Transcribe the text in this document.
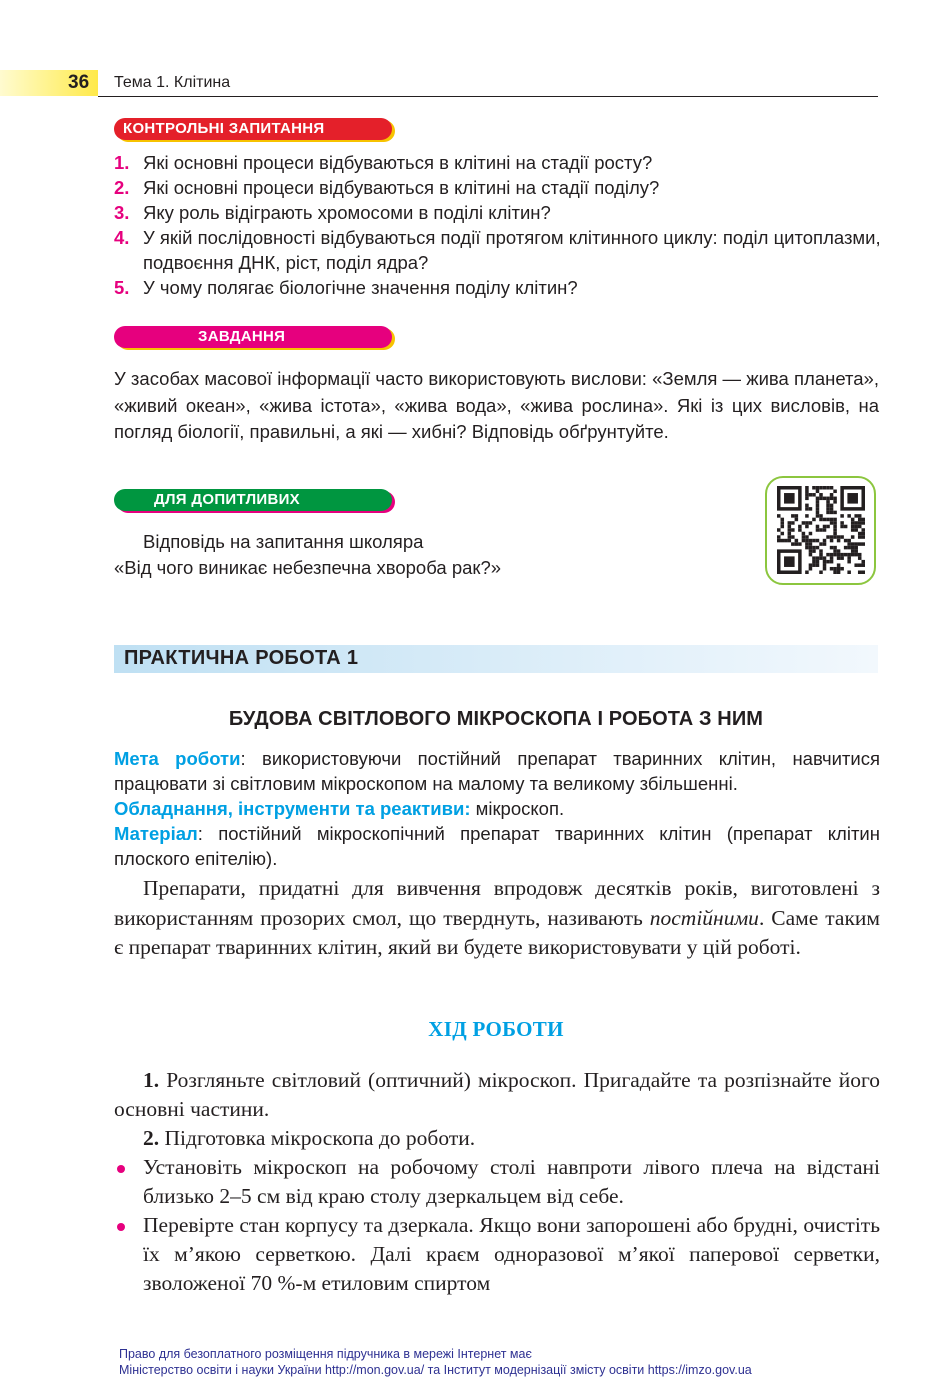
36 Тема 1. Клітина
КОНТРОЛЬНІ ЗАПИТАННЯ
1. Які основні процеси відбуваються в клітині на стадії росту?
2. Які основні процеси відбуваються в клітині на стадії поділу?
3. Яку роль відіграють хромосоми в поділі клітин?
4. У якій послідовності відбуваються події протягом клітинного циклу: поділ цитоплазми, подвоєння ДНК, ріст, поділ ядра?
5. У чому полягає біологічне значення поділу клітин?
ЗАВДАННЯ
У засобах масової інформації часто використовують вислови: «Земля — жива планета», «живий океан», «жива істота», «жива вода», «жива рослина». Які із цих висловів, на погляд біології, правильні, а які — хибні? Відповідь обґрунтуйте.
ДЛЯ ДОПИТЛИВИХ
Відповідь на запитання школяра
«Від чого виникає небезпечна хвороба рак?»
ПРАКТИЧНА РОБОТА 1
БУДОВА СВІТЛОВОГО МІКРОСКОПА І РОБОТА З НИМ
Мета роботи: використовуючи постійний препарат тваринних клітин, навчитися працювати зі світловим мікроскопом на малому та великому збільшенні.
Обладнання, інструменти та реактиви: мікроскоп.
Матеріал: постійний мікроскопічний препарат тваринних клітин (препарат клітин плоского епітелію).
Препарати, придатні для вивчення впродовж десятків років, виготовлені з використанням прозорих смол, що тверднуть, називають постійними. Саме таким є препарат тваринних клітин, який ви будете використовувати у цій роботі.
ХІД РОБОТИ

1. Розгляньте світловий (оптичний) мікроскоп. Пригадайте та розпізнайте його основні частини.

2. Підготовка мікроскопа до роботи.

Установіть мікроскоп на робочому столі навпроти лівого плеча на відстані близько 2–5 см від краю столу дзеркальцем від себе.

Перевірте стан корпусу та дзеркала. Якщо вони запорошені або брудні, очистіть їх м’якою серветкою. Далі краєм одноразової м’якої паперової серветки, зволоженої 70 %-м етиловим спиртом

Право для безоплатного розміщення підручника в мережі Інтернет має
Міністерство освіти і науки України http://mon.gov.ua/ та Інститут модернізації змісту освіти https://imzo.gov.ua
